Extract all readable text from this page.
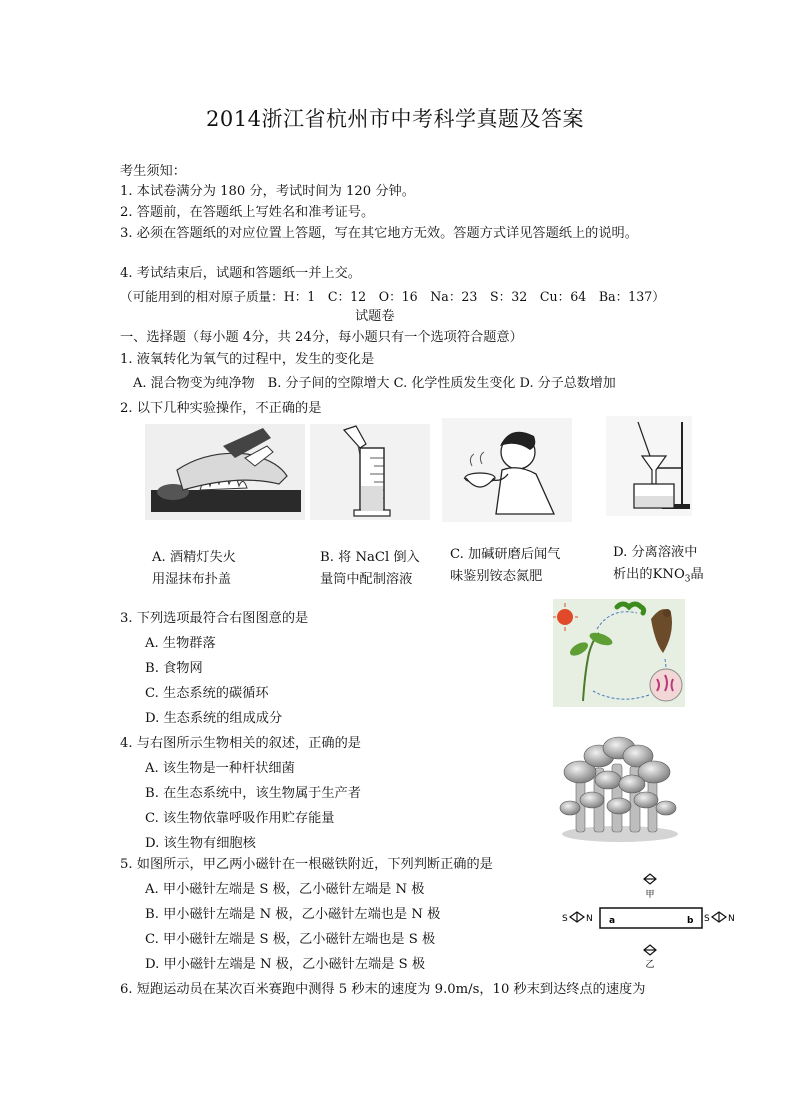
2014浙江省杭州市中考科学真题及答案
考生须知：
1. 本试卷满分为 180 分，考试时间为 120 分钟。
2. 答题前，在答题纸上写姓名和准考证号。
3. 必须在答题纸的对应位置上答题，写在其它地方无效。答题方式详见答题纸上的说明。
4. 考试结束后，试题和答题纸一并上交。
（可能用到的相对原子质量：H：1　C：12　O：16　Na：23　S：32　Cu：64　Ba：137）
试题卷
一、选择题（每小题 4分，共 24分，每小题只有一个选项符合题意）
1. 液氧转化为氧气的过程中，发生的变化是
A. 混合物变为纯净物　B. 分子间的空隙增大 C. 化学性质发生变化 D. 分子总数增加
2. 以下几种实验操作，不正确的是
A. 酒精灯失火
用湿抹布扑盖
B. 将 NaCl 倒入
量筒中配制溶液
C. 加碱研磨后闻气
味鉴别铵态氮肥
D. 分离溶液中
析出的$KNO_3$晶
3. 下列选项最符合右图图意的是
A. 生物群落
B. 食物网
C. 生态系统的碳循环
D. 生态系统的组成成分
4. 与右图所示生物相关的叙述，正确的是
A. 该生物是一种杆状细菌
B. 在生态系统中，该生物属于生产者
C. 该生物依靠呼吸作用贮存能量
D. 该生物有细胞核
5. 如图所示，甲乙两小磁针在一根磁铁附近，下列判断正确的是
A. 甲小磁针左端是 S 极，乙小磁针左端是 N 极
B. 甲小磁针左端是 N 极，乙小磁针左端也是 N 极
C. 甲小磁针左端是 S 极，乙小磁针左端也是 S 极
D. 甲小磁针左端是 N 极，乙小磁针左端是 S 极
甲
a	b
S N	S N
乙
6. 短跑运动员在某次百米赛跑中测得 5 秒末的速度为 9.0m/s，10 秒末到达终点的速度为
